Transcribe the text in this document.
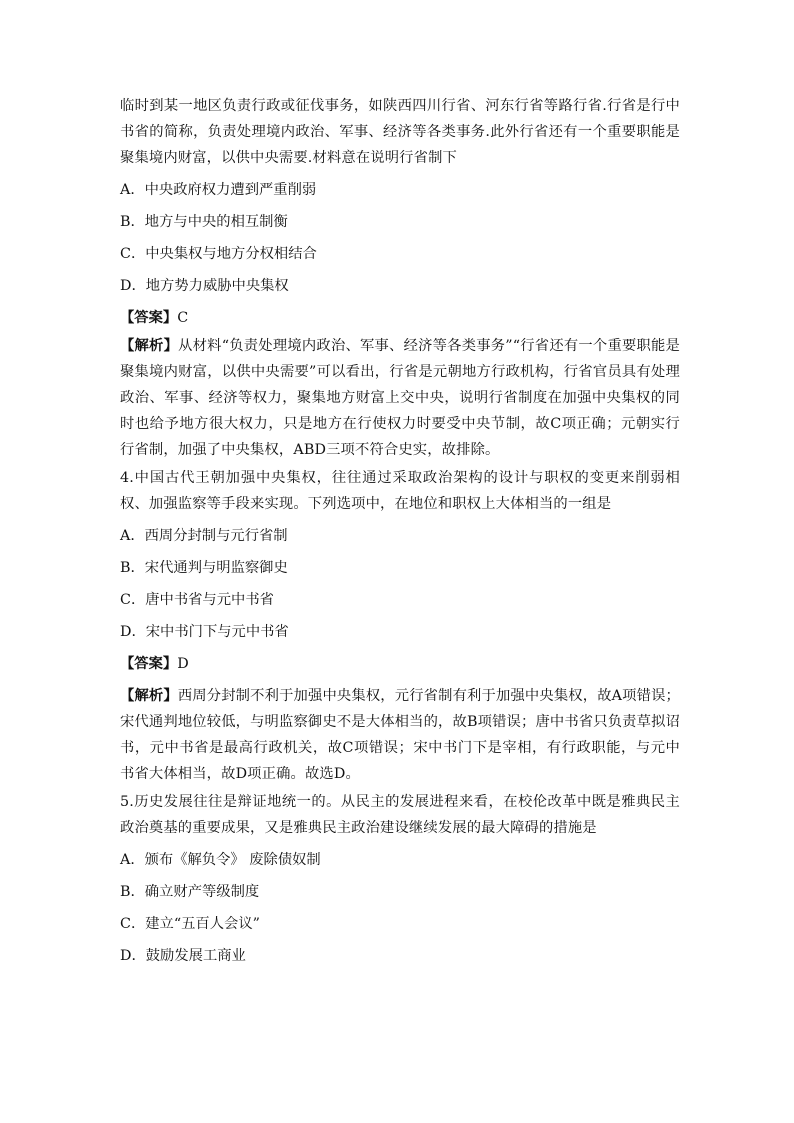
临时到某一地区负责行政或征伐事务，如陕西四川行省、河东行省等路行省.行省是行中书省的简称，负责处理境内政治、军事、经济等各类事务.此外行省还有一个重要职能是聚集境内财富，以供中央需要.材料意在说明行省制下

A．中央政府权力遭到严重削弱

B．地方与中央的相互制衡

C．中央集权与地方分权相结合

D．地方势力威胁中央集权

【答案】C

【解析】从材料“负责处理境内政治、军事、经济等各类事务”“行省还有一个重要职能是聚集境内财富，以供中央需要”可以看出，行省是元朝地方行政机构，行省官员具有处理政治、军事、经济等权力，聚集地方财富上交中央，说明行省制度在加强中央集权的同时也给予地方很大权力，只是地方在行使权力时要受中央节制，故C项正确；元朝实行行省制，加强了中央集权，ABD三项不符合史实，故排除。

4.中国古代王朝加强中央集权，往往通过采取政治架构的设计与职权的变更来削弱相权、加强监察等手段来实现。下列选项中，在地位和职权上大体相当的一组是

A．西周分封制与元行省制

B．宋代通判与明监察御史

C．唐中书省与元中书省

D．宋中书门下与元中书省

【答案】D

【解析】西周分封制不利于加强中央集权，元行省制有利于加强中央集权，故A项错误；宋代通判地位较低，与明监察御史不是大体相当的，故B项错误；唐中书省只负责草拟诏书，元中书省是最高行政机关，故C项错误；宋中书门下是宰相，有行政职能，与元中书省大体相当，故D项正确。故选D。

5.历史发展往往是辩证地统一的。从民主的发展进程来看，在校伦改革中既是雅典民主政治奠基的重要成果，又是雅典民主政治建设继续发展的最大障碍的措施是

A．颁布《解负令》 废除债奴制

B．确立财产等级制度

C．建立“五百人会议”

D．鼓励发展工商业
